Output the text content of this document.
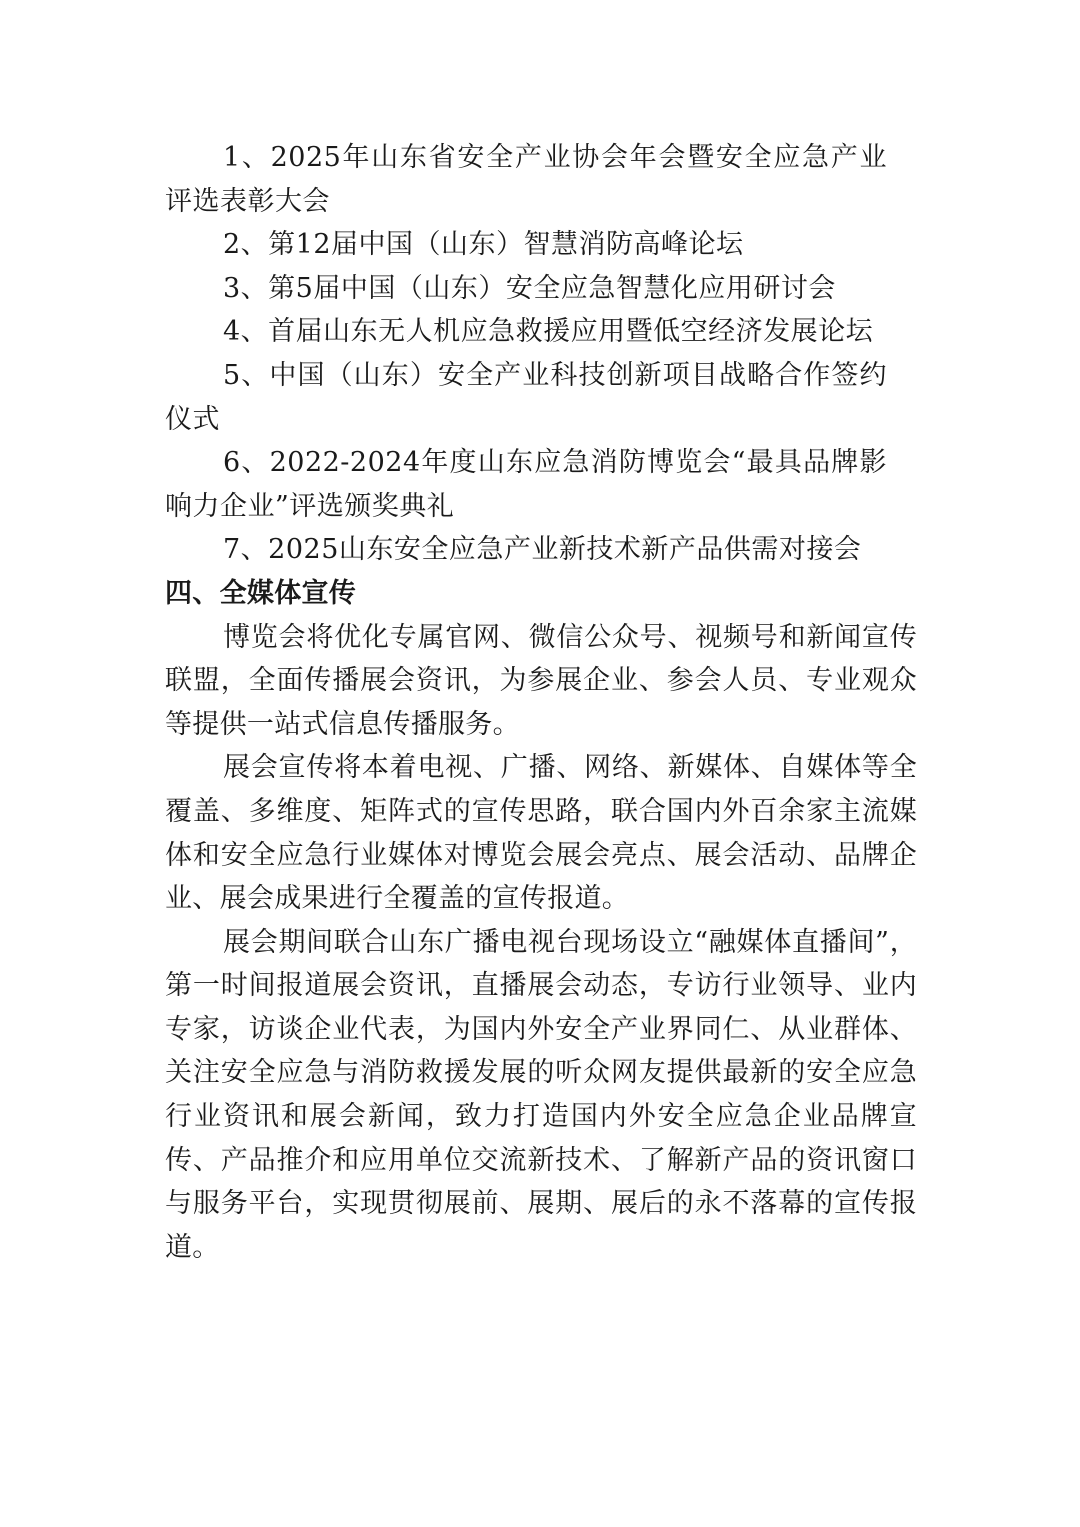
1、2025年山东省安全产业协会年会暨安全应急产业评选表彰大会

2、第12届中国（山东）智慧消防高峰论坛

3、第5届中国（山东）安全应急智慧化应用研讨会

4、首届山东无人机应急救援应用暨低空经济发展论坛

5、中国（山东）安全产业科技创新项目战略合作签约仪式

6、2022-2024年度山东应急消防博览会“最具品牌影响力企业”评选颁奖典礼

7、2025山东安全应急产业新技术新产品供需对接会

四、全媒体宣传

博览会将优化专属官网、微信公众号、视频号和新闻宣传联盟，全面传播展会资讯，为参展企业、参会人员、专业观众等提供一站式信息传播服务。

展会宣传将本着电视、广播、网络、新媒体、自媒体等全覆盖、多维度、矩阵式的宣传思路，联合国内外百余家主流媒体和安全应急行业媒体对博览会展会亮点、展会活动、品牌企业、展会成果进行全覆盖的宣传报道。

展会期间联合山东广播电视台现场设立“融媒体直播间”，第一时间报道展会资讯，直播展会动态，专访行业领导、业内专家，访谈企业代表，为国内外安全产业界同仁、从业群体、关注安全应急与消防救援发展的听众网友提供最新的安全应急行业资讯和展会新闻，致力打造国内外安全应急企业品牌宣传、产品推介和应用单位交流新技术、了解新产品的资讯窗口与服务平台，实现贯彻展前、展期、展后的永不落幕的宣传报道。
